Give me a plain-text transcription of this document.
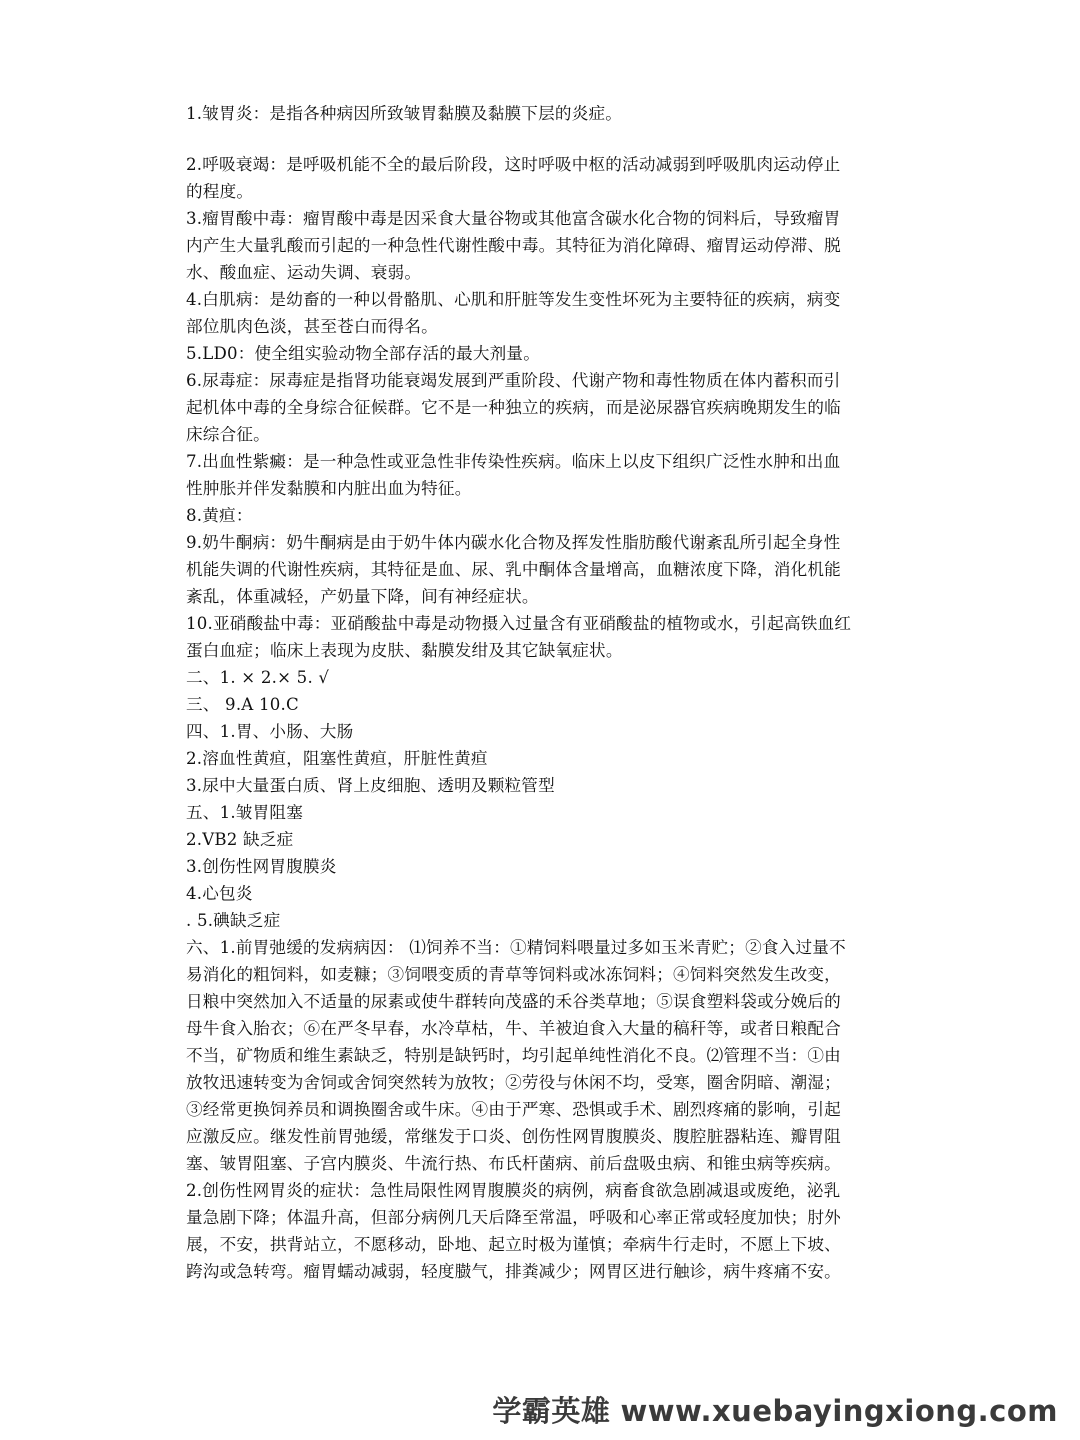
1.皱胃炎：是指各种病因所致皱胃黏膜及黏膜下层的炎症。
2.呼吸衰竭：是呼吸机能不全的最后阶段，这时呼吸中枢的活动减弱到呼吸肌肉运动停止
的程度。
3.瘤胃酸中毒：瘤胃酸中毒是因采食大量谷物或其他富含碳水化合物的饲料后，导致瘤胃
内产生大量乳酸而引起的一种急性代谢性酸中毒。其特征为消化障碍、瘤胃运动停滞、脱
水、酸血症、运动失调、衰弱。
4.白肌病：是幼畜的一种以骨骼肌、心肌和肝脏等发生变性坏死为主要特征的疾病，病变
部位肌肉色淡，甚至苍白而得名。
5.LD0：使全组实验动物全部存活的最大剂量。
6.尿毒症：尿毒症是指肾功能衰竭发展到严重阶段、代谢产物和毒性物质在体内蓄积而引
起机体中毒的全身综合征候群。它不是一种独立的疾病，而是泌尿器官疾病晚期发生的临
床综合征。
7.出血性紫癜：是一种急性或亚急性非传染性疾病。临床上以皮下组织广泛性水肿和出血
性肿胀并伴发黏膜和内脏出血为特征。
8.黄疸：
9.奶牛酮病：奶牛酮病是由于奶牛体内碳水化合物及挥发性脂肪酸代谢紊乱所引起全身性
机能失调的代谢性疾病，其特征是血、尿、乳中酮体含量增高，血糖浓度下降，消化机能
紊乱，体重减轻，产奶量下降，间有神经症状。
10.亚硝酸盐中毒：亚硝酸盐中毒是动物摄入过量含有亚硝酸盐的植物或水，引起高铁血红
蛋白血症；临床上表现为皮肤、黏膜发绀及其它缺氧症状。
二、1. × 2.× 5. √
三、 9.A 10.C
四、1.胃、小肠、大肠
2.溶血性黄疸，阻塞性黄疸，肝脏性黄疸
3.尿中大量蛋白质、肾上皮细胞、透明及颗粒管型
五、1.皱胃阻塞
2.VB2 缺乏症
3.创伤性网胃腹膜炎
4.心包炎
. 5.碘缺乏症
六、1.前胃弛缓的发病病因： ⑴饲养不当：①精饲料喂量过多如玉米青贮；②食入过量不
易消化的粗饲料，如麦糠；③饲喂变质的青草等饲料或冰冻饲料；④饲料突然发生改变，
日粮中突然加入不适量的尿素或使牛群转向茂盛的禾谷类草地；⑤误食塑料袋或分娩后的
母牛食入胎衣；⑥在严冬早春，水冷草枯，牛、羊被迫食入大量的稿秆等，或者日粮配合
不当，矿物质和维生素缺乏，特别是缺钙时，均引起单纯性消化不良。⑵管理不当：①由
放牧迅速转变为舍饲或舍饲突然转为放牧；②劳役与休闲不均，受寒，圈舍阴暗、潮湿；
③经常更换饲养员和调换圈舍或牛床。④由于严寒、恐惧或手术、剧烈疼痛的影响，引起
应激反应。继发性前胃弛缓，常继发于口炎、创伤性网胃腹膜炎、腹腔脏器粘连、瓣胃阻
塞、皱胃阻塞、子宫内膜炎、牛流行热、布氏杆菌病、前后盘吸虫病、和锥虫病等疾病。
2.创伤性网胃炎的症状：急性局限性网胃腹膜炎的病例，病畜食欲急剧减退或废绝，泌乳
量急剧下降；体温升高，但部分病例几天后降至常温，呼吸和心率正常或轻度加快；肘外
展，不安，拱背站立，不愿移动，卧地、起立时极为谨慎；牵病牛行走时，不愿上下坡、
跨沟或急转弯。瘤胃蠕动减弱，轻度臌气，排粪减少；网胃区进行触诊，病牛疼痛不安。
学霸英雄 www.xuebayingxiong.com
